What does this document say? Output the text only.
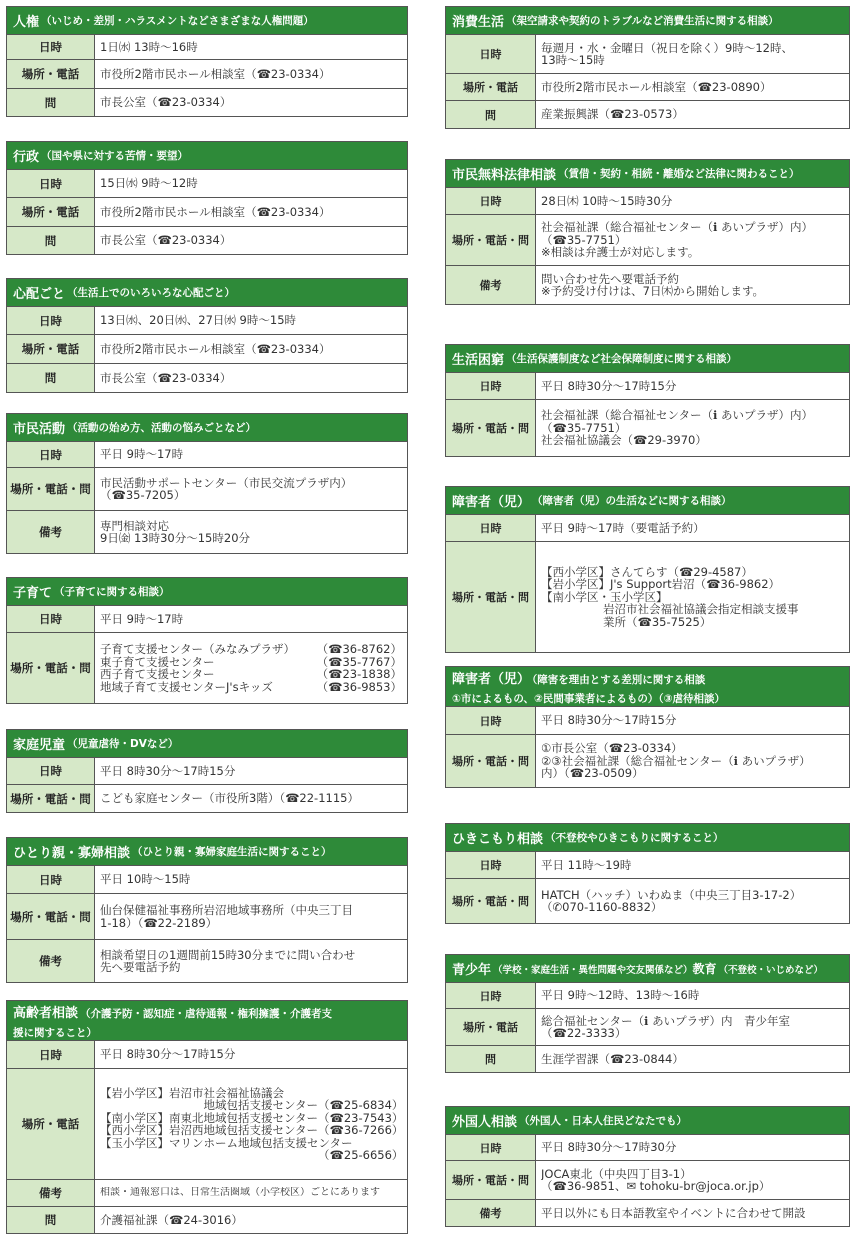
人権 （いじめ・差別・ハラスメントなどさまざまな人権問題）
日時	1日㈬ 13時～16時
場所・電話	市役所2階市民ホール相談室（☎23-0334）
問	市長公室（☎23-0334）
行政 （国や県に対する苦情・要望）
日時	15日㈬ 9時～12時
場所・電話	市役所2階市民ホール相談室（☎23-0334）
問	市長公室（☎23-0334）
心配ごと （生活上でのいろいろな心配ごと）
日時	13日㈬、20日㈬、27日㈬ 9時～15時
場所・電話	市役所2階市民ホール相談室（☎23-0334）
問	市長公室（☎23-0334）
市民活動 （活動の始め方、活動の悩みごとなど）
日時	平日 9時～17時
場所・電話・問 市民活動サポートセンター（市民交流プラザ内）
（☎35-7205）
備考	専門相談対応
9日㈮ 13時30分～15時20分
子育て （子育てに関する相談）
日時	平日 9時～17時
場所・電話・問
子育て支援センター（みなみプラザ） （☎36-8762）
東子育て支援センター	（☎35-7767）
西子育て支援センター	（☎23-1838）
地域子育て支援センターJ'sキッズ	（☎36-9853）
家庭児童 （児童虐待・DVなど）
日時	平日 8時30分～17時15分
場所・電話・問 こども家庭センター（市役所3階）（☎22-1115）
ひとり親・寡婦相談 （ひとり親・寡婦家庭生活に関すること）
日時	平日 10時～15時
場所・電話・問 仙台保健福祉事務所岩沼地域事務所（中央三丁目
1-18）（☎22-2189）
備考	相談希望日の1週間前15時30分までに問い合わせ
先へ要電話予約
高齢者相談 （介護予防・認知症・虐待通報・権利擁護・介護者支
援に関すること）
日時	平日 8時30分～17時15分
場所・電話
【岩小学区】岩沼市社会福祉協議会
地域包括支援センター（☎25-6834）
【南小学区】南東北地域包括支援センター（☎23-7543）
【西小学区】岩沼西地域包括支援センター（☎36-7266）
【玉小学区】マリンホーム地域包括支援センター
（☎25-6656）
備考	相談・通報窓口は、日常生活圏域（小学校区）ごとにあります
問	介護福祉課（☎24-3016）
消費生活 （架空請求や契約のトラブルなど消費生活に関する相談）
日時	毎週月・水・金曜日（祝日を除く）9時～12時、
13時～15時
場所・電話	市役所2階市民ホール相談室（☎23-0890）
問	産業振興課（☎23-0573）
市民無料法律相談 （賃借・契約・相続・離婚など法律に関わること）
日時	28日㈭ 10時～15時30分
場所・電話・問
社会福祉課（総合福祉センター（ℹ あいプラザ）内）
（☎35-7751）
※相談は弁護士が対応します。
備考	問い合わせ先へ要電話予約
※予約受け付けは、7日㈭から開始します。
生活困窮 （生活保護制度など社会保障制度に関する相談）
日時	平日 8時30分～17時15分
場所・電話・問
社会福祉課（総合福祉センター（ℹ あいプラザ）内）
（☎35-7751）
社会福祉協議会（☎29-3970）
障害者（児） （障害者（児）の生活などに関する相談）
日時	平日 9時～17時（要電話予約）
場所・電話・問
【西小学区】さんてらす（☎29-4587）
【岩小学区】J's Support岩沼（☎36-9862）
【南小学区・玉小学区】
岩沼市社会福祉協議会指定相談支援事
業所（☎35-7525）
障害者（児） （障害を理由とする差別に関する相談
①市によるもの、②民間事業者によるもの）（③虐待相談）
日時	平日 8時30分～17時15分
場所・電話・問
①市長公室（☎23-0334）
②③社会福祉課（総合福祉センター（ℹ あいプラザ）
内）（☎23-0509）
ひきこもり相談 （不登校やひきこもりに関すること）
日時	平日 11時～19時
場所・電話・問	HATCH（ハッチ）いわぬま（中央三丁目3-17-2）
（✆070-1160-8832）
青少年 （学校・家庭生活・異性問題や交友関係など） 教育 （不登校・いじめなど）
日時	平日 9時～12時、13時～16時
場所・電話	総合福祉センター（ℹ あいプラザ）内　青少年室
（☎22-3333）
問	生涯学習課（☎23-0844）
外国人相談 （外国人・日本人住民どなたでも）
日時	平日 8時30分～17時30分
場所・電話・問	JOCA東北（中央四丁目3-1）
（☎36-9851、✉ tohoku-br@joca.or.jp）
備考	平日以外にも日本語教室やイベントに合わせて開設
